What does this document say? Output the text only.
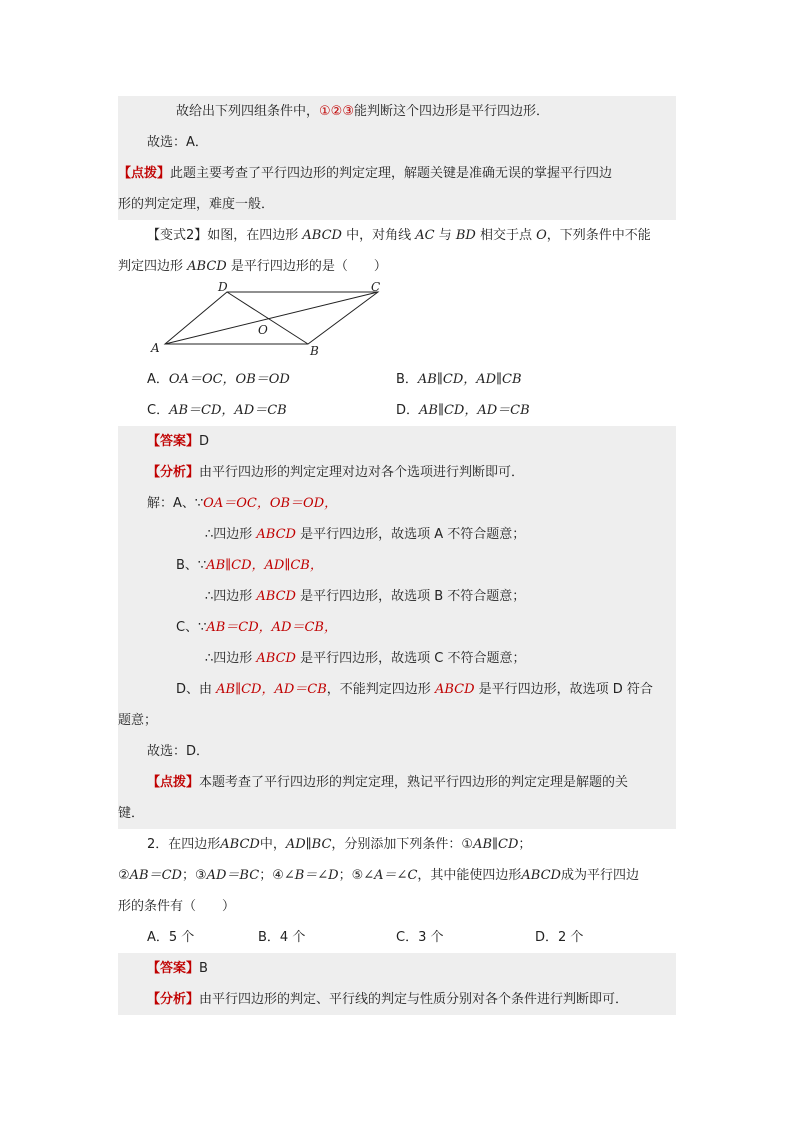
故给出下列四组条件中，①②③能判断这个四边形是平行四边形．
故选：A．
【点拨】此题主要考查了平行四边形的判定定理，解题关键是准确无误的掌握平行四边
形的判定定理，难度一般．
【变式2】如图，在四边形 ABCD 中，对角线 AC 与 BD 相交于点 O，下列条件中不能
判定四边形 ABCD 是平行四边形的是（　　）
A	B
C
D
O
A．OA＝OC，OB＝OD	B．AB∥CD，AD∥CB
C．AB＝CD，AD＝CB	D．AB∥CD，AD＝CB
【答案】D
【分析】由平行四边形的判定定理对边对各个选项进行判断即可．
解：A、∵OA＝OC，OB＝OD，
∴四边形 ABCD 是平行四边形，故选项 A 不符合题意；
B、∵AB∥CD，AD∥CB，
∴四边形 ABCD 是平行四边形，故选项 B 不符合题意；
C、∵AB＝CD，AD＝CB，
∴四边形 ABCD 是平行四边形，故选项 C 不符合题意；
D、由 AB∥CD，AD＝CB，不能判定四边形 ABCD 是平行四边形，故选项 D 符合
题意；
故选：D．
【点拨】本题考查了平行四边形的判定定理，熟记平行四边形的判定定理是解题的关
键．
2．在四边形ABCD中，AD∥BC，分别添加下列条件：①AB∥CD；
②AB＝CD；③AD＝BC；④∠B＝∠D；⑤∠A＝∠C，其中能使四边形ABCD成为平行四边
形的条件有（　　）
A．5 个	B．4 个	C．3 个	D．2 个
【答案】B
【分析】由平行四边形的判定、平行线的判定与性质分别对各个条件进行判断即可．
